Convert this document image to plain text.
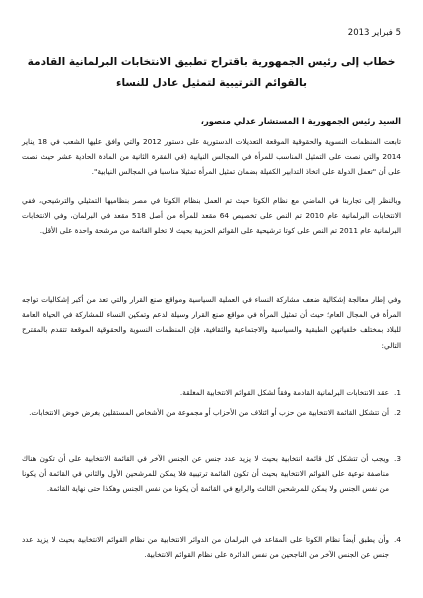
5 فبراير 2013
خطاب إلى رئيس الجمهورية باقتراح تطبيق الانتخابات البرلمانية القادمة بالقوائم الترتيبية لتمثيل عادل للنساء
السيد رئيس الجمهورية ا المستشار عدلي منصور،

تابعت المنظمات النسوية والحقوقية الموقعة التعديلات الدستورية على دستور 2012 والتي وافق عليها الشعب في 18 يناير 2014 والتي نصت على التمثيل المناسب للمرأة في المجالس النيابية (في الفقرة الثانية من المادة الحادية عشر حيث نصت على أن "تعمل الدولة على اتخاذ التدابير الكفيلة بضمان تمثيل المرأة تمثيلا مناسبا في المجالس النيابية".

وبالنظر إلى تجاربنا في الماضي مع نظام الكوتا حيث تم العمل بنظام الكوتا في مصر بنظاميها التمثيلي والترشيحي، ففي الانتخابات البرلمانية عام 2010 تم النص على تخصيص 64 مقعد للمرأة من أصل 518 مقعد في البرلمان، وفي الانتخابات البرلمانية عام 2011 تم النص على كوتا ترشيحية على القوائم الحزبية بحيث لا تخلو القائمة من مرشحة واحدة على الأقل.

وفي إطار معالجة إشكالية ضعف مشاركة النساء في العملية السياسية ومواقع صنع القرار والتي تعد من أكبر إشكاليات تواجه المرأة في المجال العام؛ حيث أن تمثيل المرأة في مواقع صنع القرار وسيلة لدعم وتمكين النساء للمشاركة في الحياة العامة للبلاد بمختلف خلفياتهن الطبقية والسياسية والاجتماعية والثقافية، فإن المنظمات النسوية والحقوقية الموقعة تتقدم بالمقترح التالي:

1.
عقد الانتخابات البرلمانية القادمة وفقاً لشكل القوائم الانتخابية المغلقة.
2.
أن تتشكل القائمة الانتخابية من حزب أو ائتلاف من الأحزاب أو مجموعة من الأشخاص المستقلين بغرض خوض الانتخابات.
3.
ويجب أن تتشكل كل قائمة انتخابية بحيث لا يزيد عدد جنس عن الجنس الآخر في القائمة الانتخابية على أن تكون هناك مناصفة نوعية على القوائم الانتخابية بحيث أن تكون القائمة ترتيبية فلا يمكن للمرشحين الأول والثاني في القائمة أن يكونا من نفس الجنس ولا يمكن للمرشحين الثالث والرابع في القائمة أن يكونا من نفس الجنس وهكذا حتى نهاية القائمة.
4.
وأن يطبق أيضاً نظام الكوتا على المقاعد في البرلمان من الدوائر الانتخابية من نظام القوائم الانتخابية بحيث لا يزيد عدد جنس عن الجنس الآخر من الناجحين من نفس الدائرة على نظام القوائم الانتخابية.
